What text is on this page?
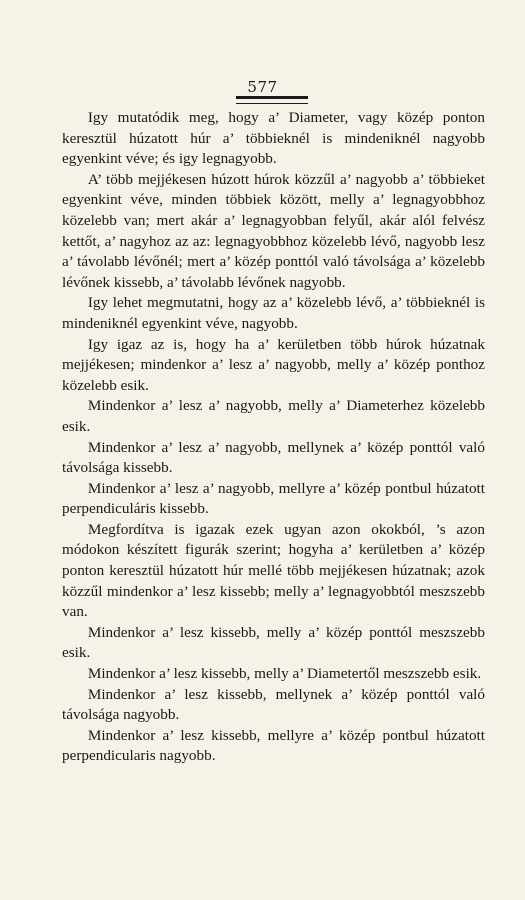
577

Igy mutatódik meg, hogy a’ Diameter, vagy közép ponton keresztül húzatott húr a’ többieknél is mindeniknél nagyobb egyenkint véve; és igy legnagyobb.

A’ több mejjékesen húzott húrok közzűl a’ nagyobb a’ többieket egyenkint véve, minden többiek között, melly a’ legnagyobbhoz közelebb van; mert akár a’ legnagyobban felyűl, akár alól felvész kettőt, a’ nagyhoz az az: legnagyobbhoz közelebb lévő, nagyobb lesz a’ távolabb lévőnél; mert a’ közép ponttól való távolsága a’ közelebb lévőnek kissebb, a’ távolabb lévőnek nagyobb.

Igy lehet megmutatni, hogy az a’ közelebb lévő, a’ többieknél is mindeniknél egyenkint véve, nagyobb.

Igy igaz az is, hogy ha a’ kerületben több húrok húzatnak mejjékesen; mindenkor a’ lesz a’ nagyobb, melly a’ közép ponthoz közelebb esik.

Mindenkor a’ lesz a’ nagyobb, melly a’ Diameterhez közelebb esik.

Mindenkor a’ lesz a’ nagyobb, mellynek a’ közép ponttól való távolsága kissebb.

Mindenkor a’ lesz a’ nagyobb, mellyre a’ közép pontbul húzatott perpendiculáris kissebb.

Megfordítva is igazak ezek ugyan azon okokból, ’s azon módokon készített figurák szerint; hogyha a’ kerületben a’ közép ponton keresztül húzatott húr mellé több mejjékesen húzatnak; azok közzűl mindenkor a’ lesz kissebb; melly a’ legnagyobbtól meszszebb van.

Mindenkor a’ lesz kissebb, melly a’ közép ponttól meszszebb esik.

Mindenkor a’ lesz kissebb, melly a’ Diametertől meszszebb esik.

Mindenkor a’ lesz kissebb, mellynek a’ közép ponttól való távolsága nagyobb.

Mindenkor a’ lesz kissebb, mellyre a’ közép pontbul húzatott perpendicularis nagyobb.
